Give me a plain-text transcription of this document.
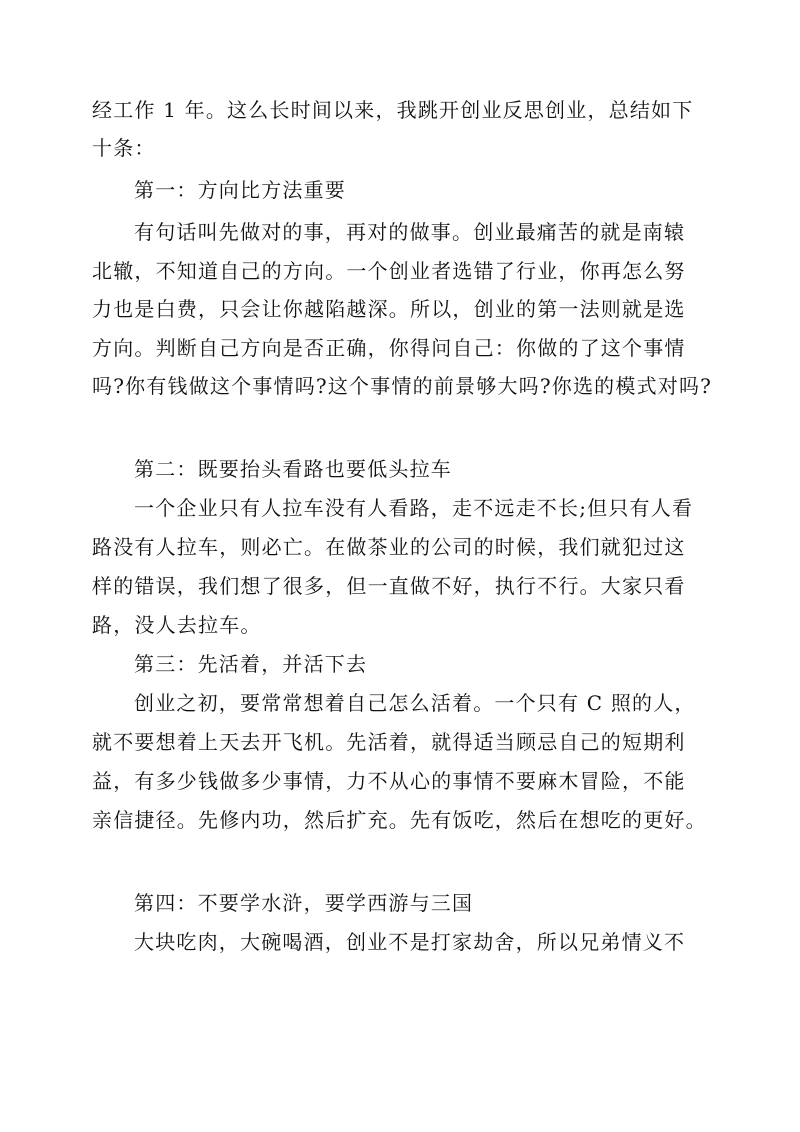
经工作 1 年。这么长时间以来，我跳开创业反思创业，总结如下
十条：
第一：方向比方法重要
有句话叫先做对的事，再对的做事。创业最痛苦的就是南辕
北辙，不知道自己的方向。一个创业者选错了行业，你再怎么努
力也是白费，只会让你越陷越深。所以，创业的第一法则就是选
方向。判断自己方向是否正确，你得问自己：你做的了这个事情
吗?你有钱做这个事情吗?这个事情的前景够大吗?你选的模式对吗?
第二：既要抬头看路也要低头拉车
一个企业只有人拉车没有人看路，走不远走不长;但只有人看
路没有人拉车，则必亡。在做茶业的公司的时候，我们就犯过这
样的错误，我们想了很多，但一直做不好，执行不行。大家只看
路，没人去拉车。
第三：先活着，并活下去
创业之初，要常常想着自己怎么活着。一个只有 C 照的人，
就不要想着上天去开飞机。先活着，就得适当顾忌自己的短期利
益，有多少钱做多少事情，力不从心的事情不要麻木冒险，不能
亲信捷径。先修内功，然后扩充。先有饭吃，然后在想吃的更好。
第四：不要学水浒，要学西游与三国
大块吃肉，大碗喝酒，创业不是打家劫舍，所以兄弟情义不
